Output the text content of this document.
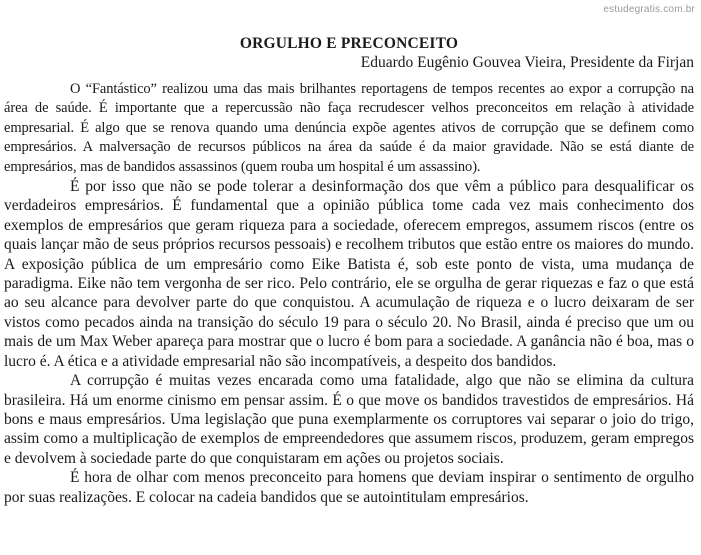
estudegratis.com.br
ORGULHO E PRECONCEITO

Eduardo Eugênio Gouvea Vieira, Presidente da Firjan

O “Fantástico” realizou uma das mais brilhantes reportagens de tempos recentes ao expor a corrupção na área de saúde. É importante que a repercussão não faça recrudescer velhos preconceitos em relação à atividade empresarial. É algo que se renova quando uma denúncia expõe agentes ativos de corrupção que se definem como empresários. A malversação de recursos públicos na área da saúde é da maior gravidade. Não se está diante de empresários, mas de bandidos assassinos (quem rouba um hospital é um assassino).

É por isso que não se pode tolerar a desinformação dos que vêm a público para desqualificar os verdadeiros empresários. É fundamental que a opinião pública tome cada vez mais conhecimento dos exemplos de empresários que geram riqueza para a sociedade, oferecem empregos, assumem riscos (entre os quais lançar mão de seus próprios recursos pessoais) e recolhem tributos que estão entre os maiores do mundo. A exposição pública de um empresário como Eike Batista é, sob este ponto de vista, uma mudança de paradigma. Eike não tem vergonha de ser rico. Pelo contrário, ele se orgulha de gerar riquezas e faz o que está ao seu alcance para devolver parte do que conquistou. A acumulação de riqueza e o lucro deixaram de ser vistos como pecados ainda na transição do século 19 para o século 20. No Brasil, ainda é preciso que um ou mais de um Max Weber apareça para mostrar que o lucro é bom para a sociedade. A ganância não é boa, mas o lucro é. A ética e a atividade empresarial não são incompatíveis, a despeito dos bandidos.

A corrupção é muitas vezes encarada como uma fatalidade, algo que não se elimina da cultura brasileira. Há um enorme cinismo em pensar assim. É o que move os bandidos travestidos de empresários. Há bons e maus empresários. Uma legislação que puna exemplarmente os corruptores vai separar o joio do trigo, assim como a multiplicação de exemplos de empreendedores que assumem riscos, produzem, geram empregos e devolvem à sociedade parte do que conquistaram em ações ou projetos sociais.

É hora de olhar com menos preconceito para homens que deviam inspirar o sentimento de orgulho por suas realizações. E colocar na cadeia bandidos que se autointitulam empresários.
